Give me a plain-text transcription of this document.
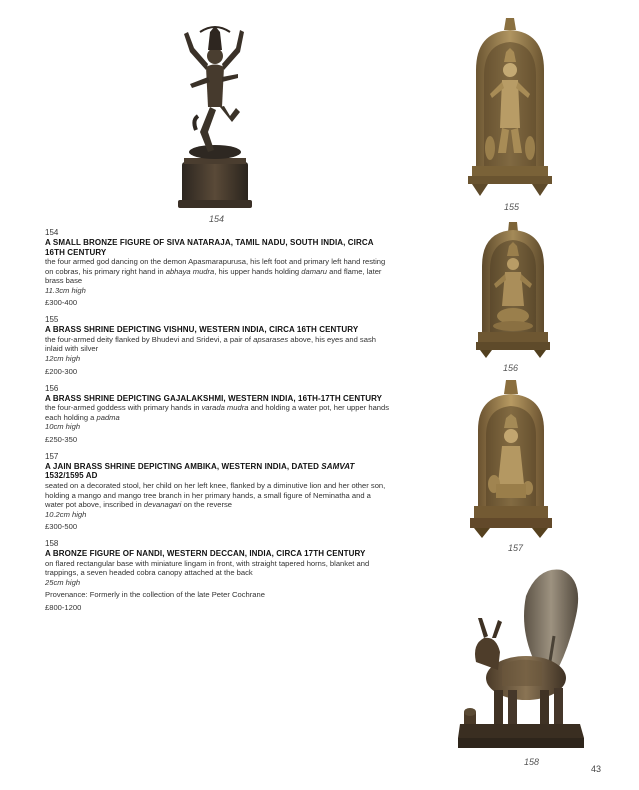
154
155
156
157
158
154
A SMALL BRONZE FIGURE OF SIVA NATARAJA, TAMIL NADU, SOUTH INDIA, CIRCA 16TH CENTURY
the four armed god dancing on the demon Apasmarapurusa, his left foot and primary left hand resting on cobras, his primary right hand in abhaya mudra, his upper hands holding damaru and flame, later brass base
11.3cm high
£300-400
155
A BRASS SHRINE DEPICTING VISHNU, WESTERN INDIA, CIRCA 16TH CENTURY
the four-armed deity flanked by Bhudevi and Sridevi, a pair of apsarases above, his eyes and sash inlaid with silver
12cm high
£200-300
156
A BRASS SHRINE DEPICTING GAJALAKSHMI, WESTERN INDIA, 16TH-17TH CENTURY
the four-armed goddess with primary hands in varada mudra and holding a water pot, her upper hands each holding a padma
10cm high
£250-350
157
A JAIN BRASS SHRINE DEPICTING AMBIKA, WESTERN INDIA, DATED SAMVAT 1532/1595 AD
seated on a decorated stool, her child on her left knee, flanked by a diminutive lion and her other son, holding a mango and mango tree branch in her primary hands, a small figure of Neminatha and a water pot above, inscribed in devanagari on the reverse
10.2cm high
£300-500
158
A BRONZE FIGURE OF NANDI, WESTERN DECCAN, INDIA, CIRCA 17TH CENTURY
on flared rectangular base with miniature lingam in front, with straight tapered horns, blanket and trappings, a seven headed cobra canopy attached at the back
25cm high
Provenance: Formerly in the collection of the late Peter Cochrane
£800-1200
43
